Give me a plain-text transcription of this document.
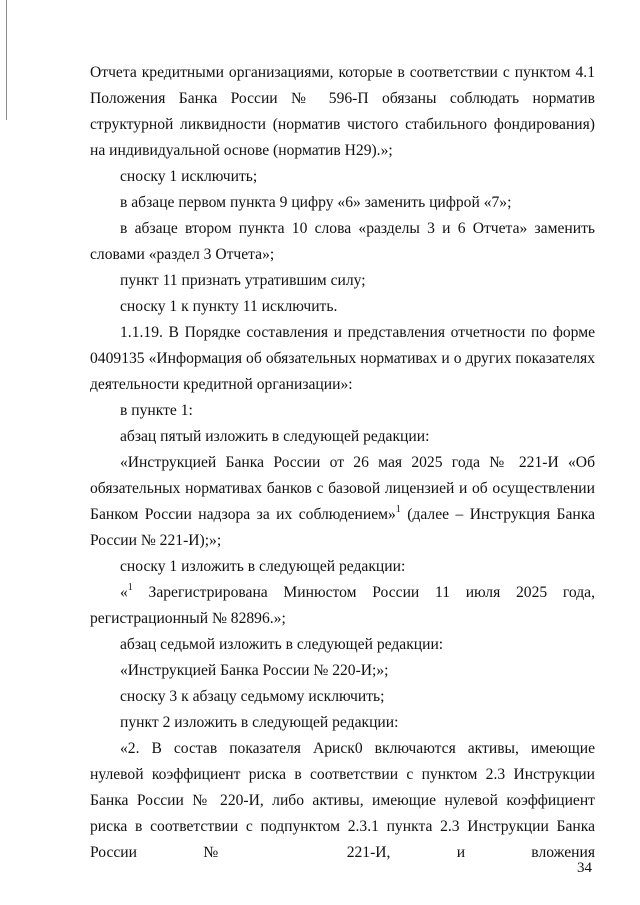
Отчета кредитными организациями, которые в соответствии с пунктом 4.1 Положения Банка России № 596-П обязаны соблюдать норматив структурной ликвидности (норматив чистого стабильного фондирования) на индивидуальной основе (норматив Н29).»;

сноску 1 исключить;

в абзаце первом пункта 9 цифру «6» заменить цифрой «7»;

в абзаце втором пункта 10 слова «разделы 3 и 6 Отчета» заменить словами «раздел 3 Отчета»;

пункт 11 признать утратившим силу;

сноску 1 к пункту 11 исключить.

1.1.19. В Порядке составления и представления отчетности по форме 0409135 «Информация об обязательных нормативах и о других показателях деятельности кредитной организации»:

в пункте 1:

абзац пятый изложить в следующей редакции:

«Инструкцией Банка России от 26 мая 2025 года № 221-И «Об обязательных нормативах банков с базовой лицензией и об осуществлении Банком России надзора за их соблюдением»$^1$ (далее – Инструкция Банка России № 221-И);»;

сноску 1 изложить в следующей редакции:

«$^1$ Зарегистрирована Минюстом России 11 июля 2025 года, регистрационный № 82896.»;

абзац седьмой изложить в следующей редакции:

«Инструкцией Банка России № 220-И;»;

сноску 3 к абзацу седьмому исключить;

пункт 2 изложить в следующей редакции:

«2. В состав показателя Ариск0 включаются активы, имеющие нулевой коэффициент риска в соответствии с пунктом 2.3 Инструкции Банка России № 220-И, либо активы, имеющие нулевой коэффициент риска в соответствии с подпунктом 2.3.1 пункта 2.3 Инструкции Банка России № 221-И, и вложения

34
